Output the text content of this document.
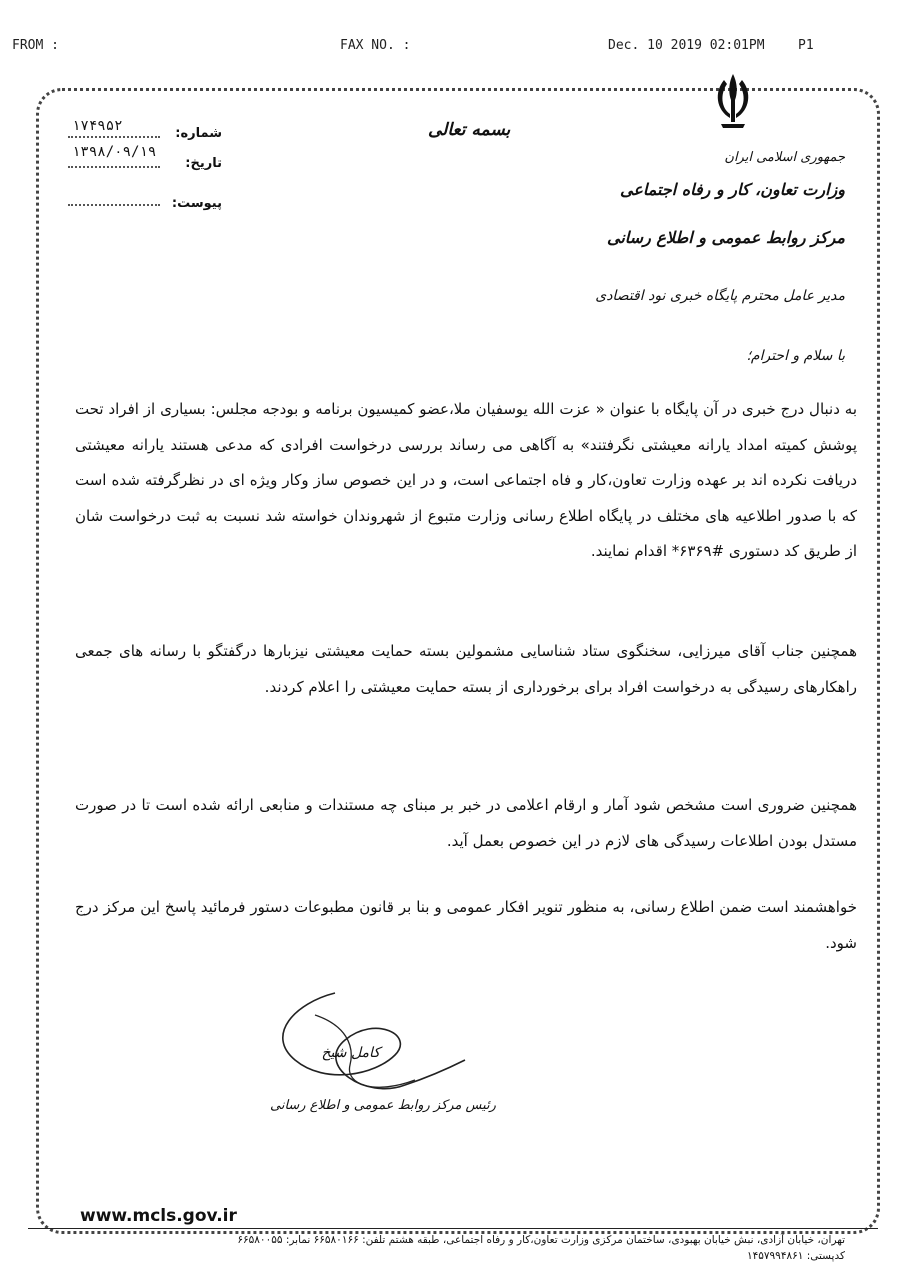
FROM :	FAX NO. :	Dec. 10 2019 02:01PM	P1
جمهوری اسلامی ایران
وزارت تعاون، کار و رفاه اجتماعی
مرکز روابط عمومی و اطلاع رسانی
بسمه تعالی
شماره:
۱۷۴۹۵۲
تاریخ:
۱۳۹۸/۰۹/۱۹
پیوست:
مدیر عامل محترم پایگاه خبری نود اقتصادی
با سلام و احترام؛

به دنبال درج خبری در آن پایگاه با عنوان « عزت الله یوسفیان ملا،عضو کمیسیون برنامه و بودجه مجلس: بسیاری از افراد تحت پوشش کمیته امداد یارانه معیشتی نگرفتند» به آگاهی می رساند بررسی درخواست افرادی که مدعی هستند یارانه معیشتی دریافت نکرده اند بر عهده وزارت تعاون،کار و فاه اجتماعی است، و در این خصوص ساز وکار ویژه ای در نظرگرفته شده است که با صدور اطلاعیه های مختلف در پایگاه اطلاع رسانی وزارت متبوع از شهروندان خواسته شد نسبت به ثبت درخواست شان از طریق کد دستوری #۶۳۶۹* اقدام نمایند.

همچنین جناب آقای میرزایی، سخنگوی ستاد شناسایی مشمولین بسته حمایت معیشتی نیزبارها درگفتگو با رسانه های جمعی راهکارهای رسیدگی به درخواست افراد برای برخورداری از بسته حمایت معیشتی را اعلام کردند.

همچنین ضروری است مشخص شود آمار و ارقام اعلامی در خبر بر مبنای چه مستندات و منابعی ارائه شده است تا در صورت مستدل بودن اطلاعات رسیدگی های لازم در این خصوص بعمل آید.

خواهشمند است ضمن اطلاع رسانی، به منظور تنویر افکار عمومی و بنا بر قانون مطبوعات دستور فرمائید پاسخ این مرکز درج شود.

کامل شیخ
رئیس مرکز روابط عمومی و اطلاع رسانی
www.mcls.gov.ir
تهران، خیابان آزادی، نبش خیابان بهبودی، ساختمان مرکزی وزارت تعاون،کار و رفاه اجتماعی، طبقه هشتم تلفن: ۶۶۵۸۰۱۶۶ نمابر: ۶۶۵۸۰۰۵۵
کدپستی: ۱۴۵۷۹۹۴۸۶۱
